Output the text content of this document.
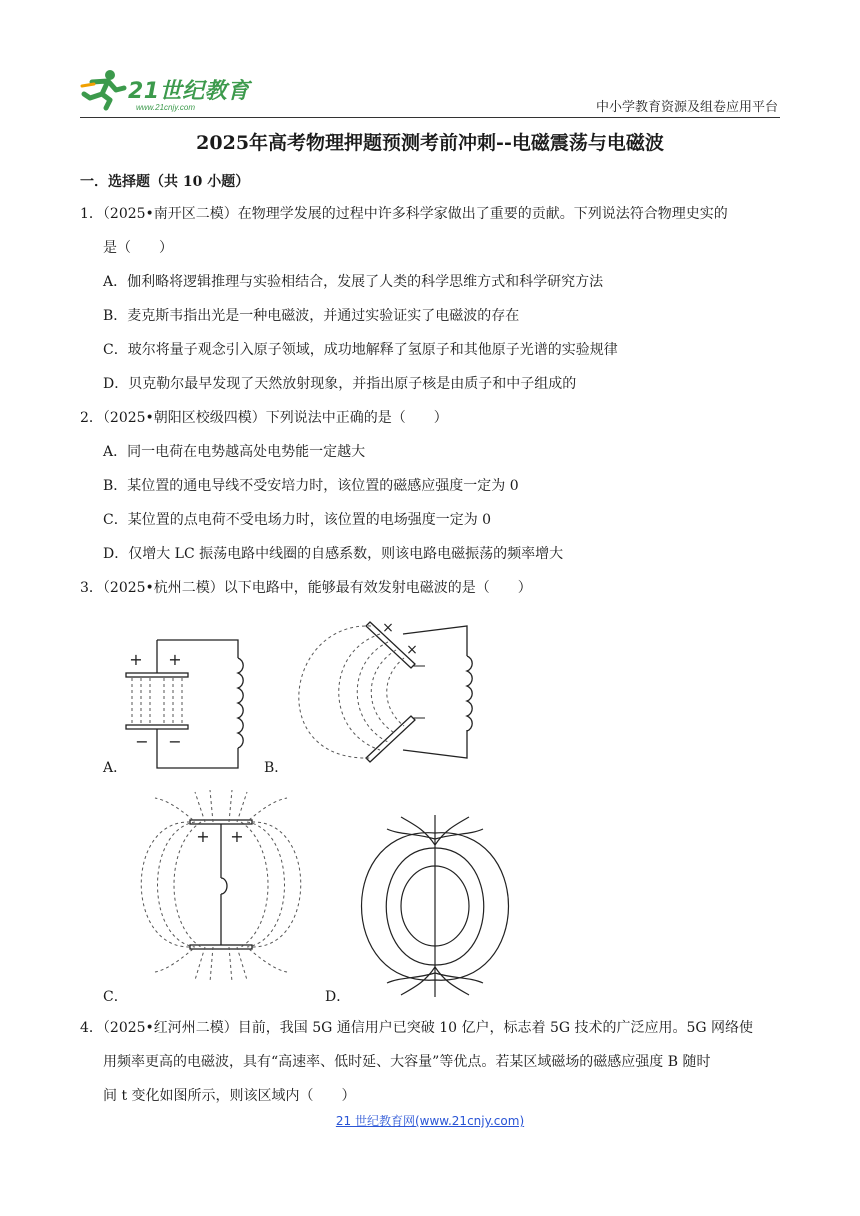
21世纪教育
www.21cnjy.com	中小学教育资源及组卷应用平台
2025年高考物理押题预测考前冲刺--电磁震荡与电磁波
一．选择题（共 10 小题）
1．（2025•南开区二模）在物理学发展的过程中许多科学家做出了重要的贡献。下列说法符合物理史实的
是（　　）
A．伽利略将逻辑推理与实验相结合，发展了人类的科学思维方式和科学研究方法
B．麦克斯韦指出光是一种电磁波，并通过实验证实了电磁波的存在
C．玻尔将量子观念引入原子领域，成功地解释了氢原子和其他原子光谱的实验规律
D．贝克勒尔最早发现了天然放射现象，并指出原子核是由质子和中子组成的
2．（2025•朝阳区校级四模）下列说法中正确的是（　　）
A．同一电荷在电势越高处电势能一定越大
B．某位置的通电导线不受安培力时，该位置的磁感应强度一定为 0
C．某位置的点电荷不受电场力时，该位置的电场强度一定为 0
D．仅增大 LC 振荡电路中线圈的自感系数，则该电路电磁振荡的频率增大
3．（2025•杭州二模）以下电路中，能够最有效发射电磁波的是（　　）
+ +
− −
A．
×
×
B．
+ +
C．	D．
4．（2025•红河州二模）目前，我国 5G 通信用户已突破 10 亿户，标志着 5G 技术的广泛应用。5G 网络使
用频率更高的电磁波，具有“高速率、低时延、大容量”等优点。若某区域磁场的磁感应强度 B 随时
间 t 变化如图所示，则该区域内（　　）
21 世纪教育网(www.21cnjy.com)
